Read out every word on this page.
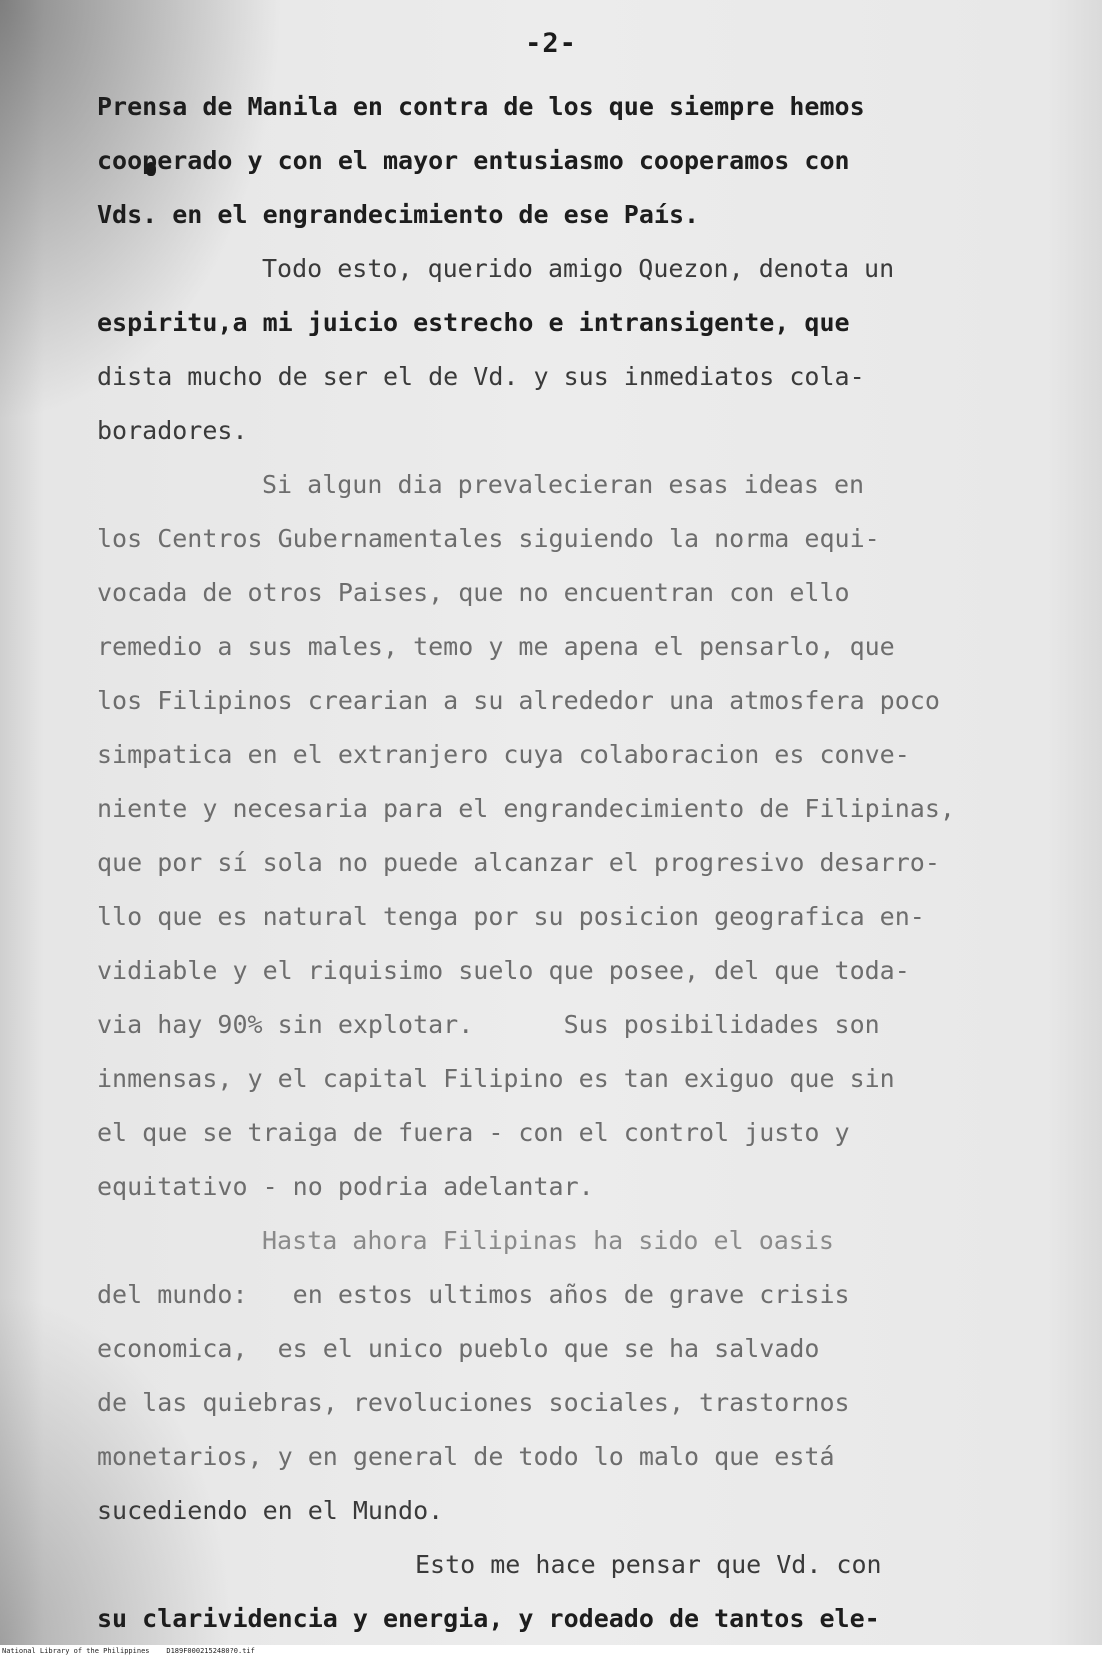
-2-
Prensa de Manila en contra de los que siempre hemos
cooperado y con el mayor entusiasmo cooperamos con
Vds. en el engrandecimiento de ese País.
Todo esto, querido amigo Quezon, denota un
espiritu,a mi juicio estrecho e intransigente, que
dista mucho de ser el de Vd. y sus inmediatos cola-
boradores.
Si algun dia prevalecieran esas ideas en
los Centros Gubernamentales siguiendo la norma equi-
vocada de otros Paises, que no encuentran con ello
remedio a sus males, temo y me apena el pensarlo, que
los Filipinos crearian a su alrededor una atmosfera poco
simpatica en el extranjero cuya colaboracion es conve-
niente y necesaria para el engrandecimiento de Filipinas,
que por sí sola no puede alcanzar el progresivo desarro-
llo que es natural tenga por su posicion geografica en-
vidiable y el riquisimo suelo que posee, del que toda-
via hay 90% sin explotar.      Sus posibilidades son
inmensas, y el capital Filipino es tan exiguo que sin
el que se traiga de fuera - con el control justo y
equitativo - no podria adelantar.
Hasta ahora Filipinas ha sido el oasis
del mundo:   en estos ultimos años de grave crisis
economica,  es el unico pueblo que se ha salvado
de las quiebras, revoluciones sociales, trastornos
monetarios, y en general de todo lo malo que está
sucediendo en el Mundo.
Esto me hace pensar que Vd. con
su clarividencia y energia, y rodeado de tantos ele-
National Library of the Philippines    D189F0002152480?0.tif
